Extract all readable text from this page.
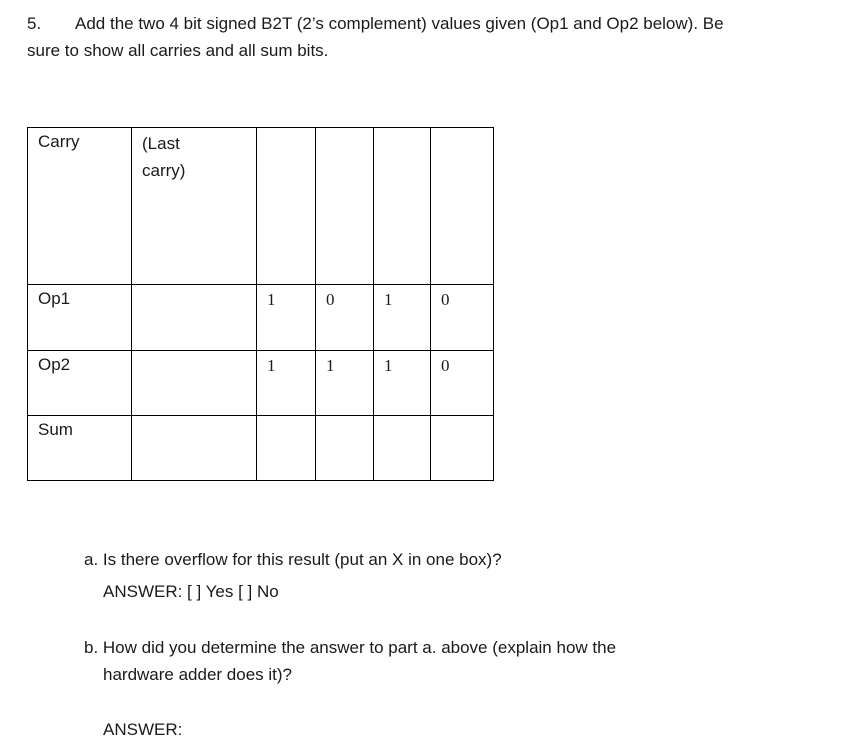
5. Add the two 4 bit signed B2T (2’s complement) values given (Op1 and Op2 below). Be
sure to show all carries and all sum bits.
Carry	(Last
carry)				

Op1		1	0	1	0
Op2		1	1	1	0
Sum					
a. Is there overflow for this result (put an X in one box)?
ANSWER: [ ] Yes [ ] No
b. How did you determine the answer to part a. above (explain how the
hardware adder does it)?
ANSWER:
